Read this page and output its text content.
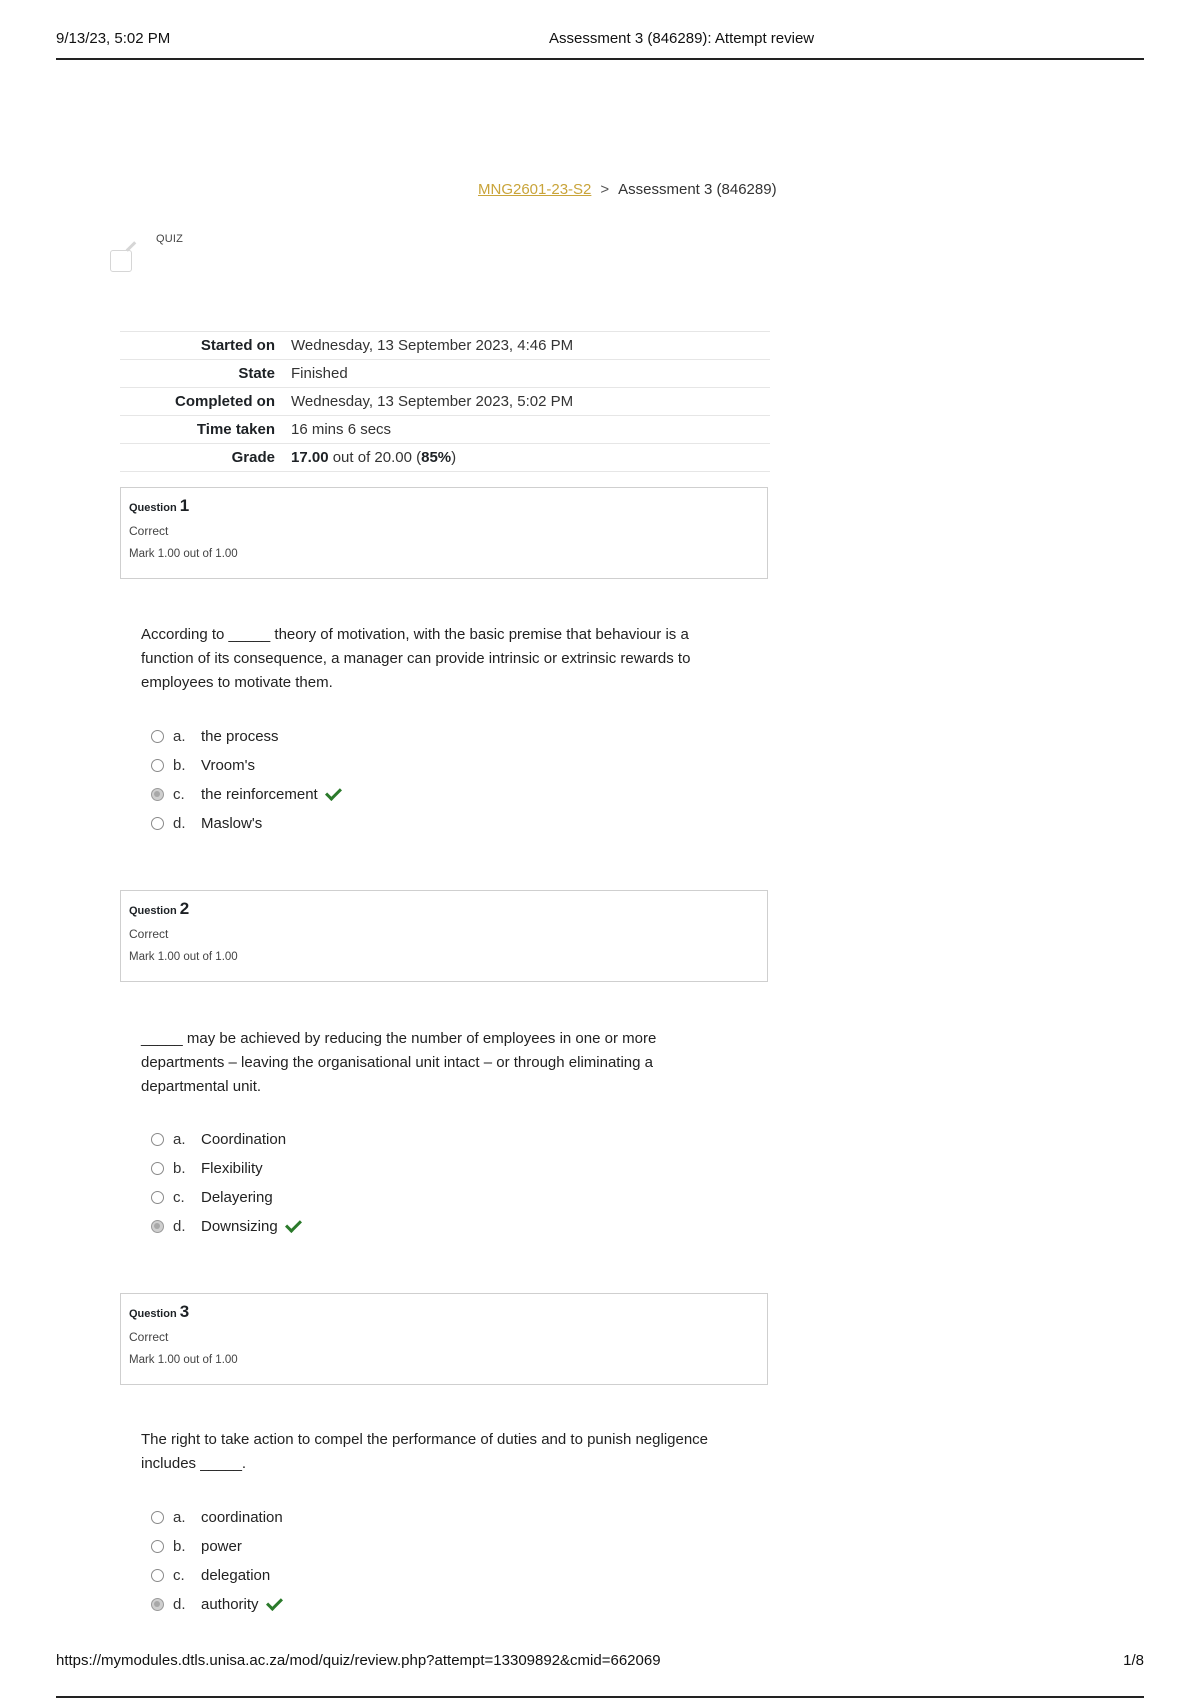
9/13/23, 5:02 PM	Assessment 3 (846289): Attempt review
MNG2601-23-S2 > Assessment 3 (846289)
QUIZ
Started on	Wednesday, 13 September 2023, 4:46 PM
State	Finished
Completed on	Wednesday, 13 September 2023, 5:02 PM
Time taken	16 mins 6 secs
Grade	17.00 out of 20.00 (85%)
Question 1
Correct
Mark 1.00 out of 1.00
According to _____ theory of motivation, with the basic premise that behaviour is a function of its consequence, a manager can provide intrinsic or extrinsic rewards to employees to motivate them.
a.	the process
b.	Vroom's
c.	the reinforcement
d.	Maslow's
Question 2
Correct
Mark 1.00 out of 1.00
_____ may be achieved by reducing the number of employees in one or more departments – leaving the organisational unit intact – or through eliminating a departmental unit.
a.	Coordination
b.	Flexibility
c.	Delayering
d.	Downsizing
Question 3
Correct
Mark 1.00 out of 1.00
The right to take action to compel the performance of duties and to punish negligence includes _____.
a.	coordination
b.	power
c.	delegation
d.	authority
https://mymodules.dtls.unisa.ac.za/mod/quiz/review.php?attempt=13309892&cmid=662069	1/8
